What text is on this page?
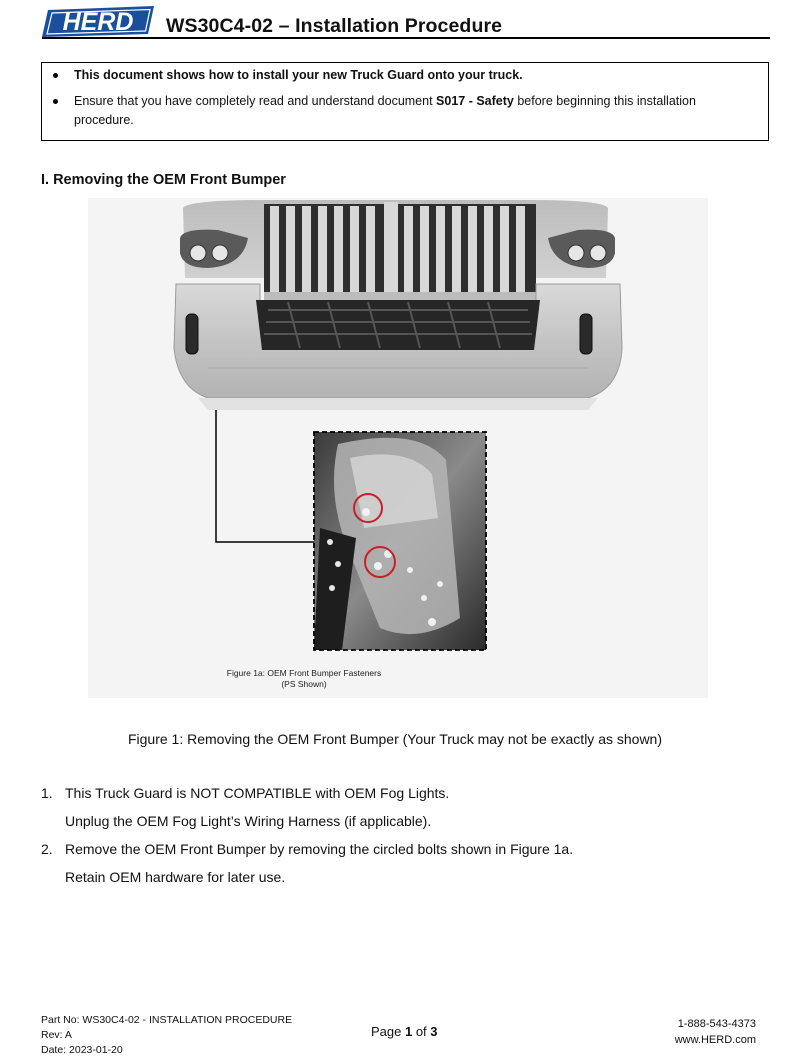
HERD WS30C4-02 – Installation Procedure
This document shows how to install your new Truck Guard onto your truck.
Ensure that you have completely read and understand document S017 - Safety before beginning this installation
procedure.
I. Removing the OEM Front Bumper
Figure 1a: OEM Front Bumper Fasteners
(PS Shown)
Figure 1: Removing the OEM Front Bumper (Your Truck may not be exactly as shown)
1. This Truck Guard is NOT COMPATIBLE with OEM Fog Lights.
Unplug the OEM Fog Light’s Wiring Harness (if applicable).
2. Remove the OEM Front Bumper by removing the circled bolts shown in Figure 1a.
Retain OEM hardware for later use.
Part No: WS30C4-02 - INSTALLATION PROCEDURE
Rev: A
Date: 2023-01-20
Page 1 of 3	1-888-543-4373
www.HERD.com
